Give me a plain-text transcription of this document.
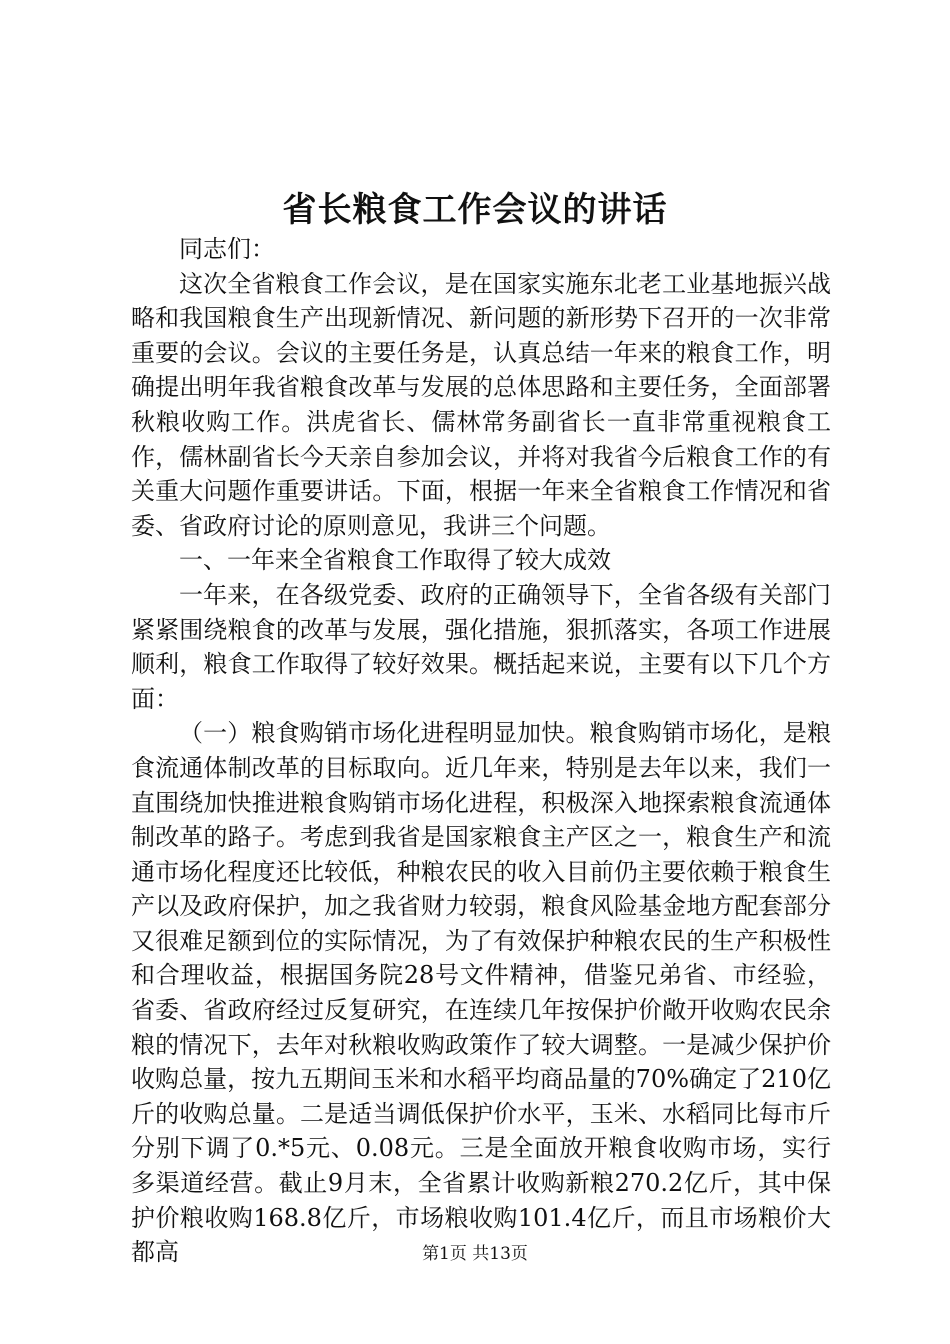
省长粮食工作会议的讲话

同志们：

这次全省粮食工作会议，是在国家实施东北老工业基地振兴战略和我国粮食生产出现新情况、新问题的新形势下召开的一次非常重要的会议。会议的主要任务是，认真总结一年来的粮食工作，明确提出明年我省粮食改革与发展的总体思路和主要任务，全面部署秋粮收购工作。洪虎省长、儒林常务副省长一直非常重视粮食工作，儒林副省长今天亲自参加会议，并将对我省今后粮食工作的有关重大问题作重要讲话。下面，根据一年来全省粮食工作情况和省委、省政府讨论的原则意见，我讲三个问题。

一、一年来全省粮食工作取得了较大成效

一年来，在各级党委、政府的正确领导下，全省各级有关部门紧紧围绕粮食的改革与发展，强化措施，狠抓落实，各项工作进展顺利，粮食工作取得了较好效果。概括起来说，主要有以下几个方面：

（一）粮食购销市场化进程明显加快。粮食购销市场化，是粮食流通体制改革的目标取向。近几年来，特别是去年以来，我们一直围绕加快推进粮食购销市场化进程，积极深入地探索粮食流通体制改革的路子。考虑到我省是国家粮食主产区之一，粮食生产和流通市场化程度还比较低，种粮农民的收入目前仍主要依赖于粮食生产以及政府保护，加之我省财力较弱，粮食风险基金地方配套部分又很难足额到位的实际情况，为了有效保护种粮农民的生产积极性和合理收益，根据国务院28号文件精神，借鉴兄弟省、市经验，省委、省政府经过反复研究，在连续几年按保护价敞开收购农民余粮的情况下，去年对秋粮收购政策作了较大调整。一是减少保护价收购总量，按九五期间玉米和水稻平均商品量的70%确定了210亿斤的收购总量。二是适当调低保护价水平，玉米、水稻同比每市斤分别下调了0.*5元、0.08元。三是全面放开粮食收购市场，实行多渠道经营。截止9月末，全省累计收购新粮270.2亿斤，其中保护价粮收购168.8亿斤，市场粮收购101.4亿斤，而且市场粮价大都高	第1页 共13页
